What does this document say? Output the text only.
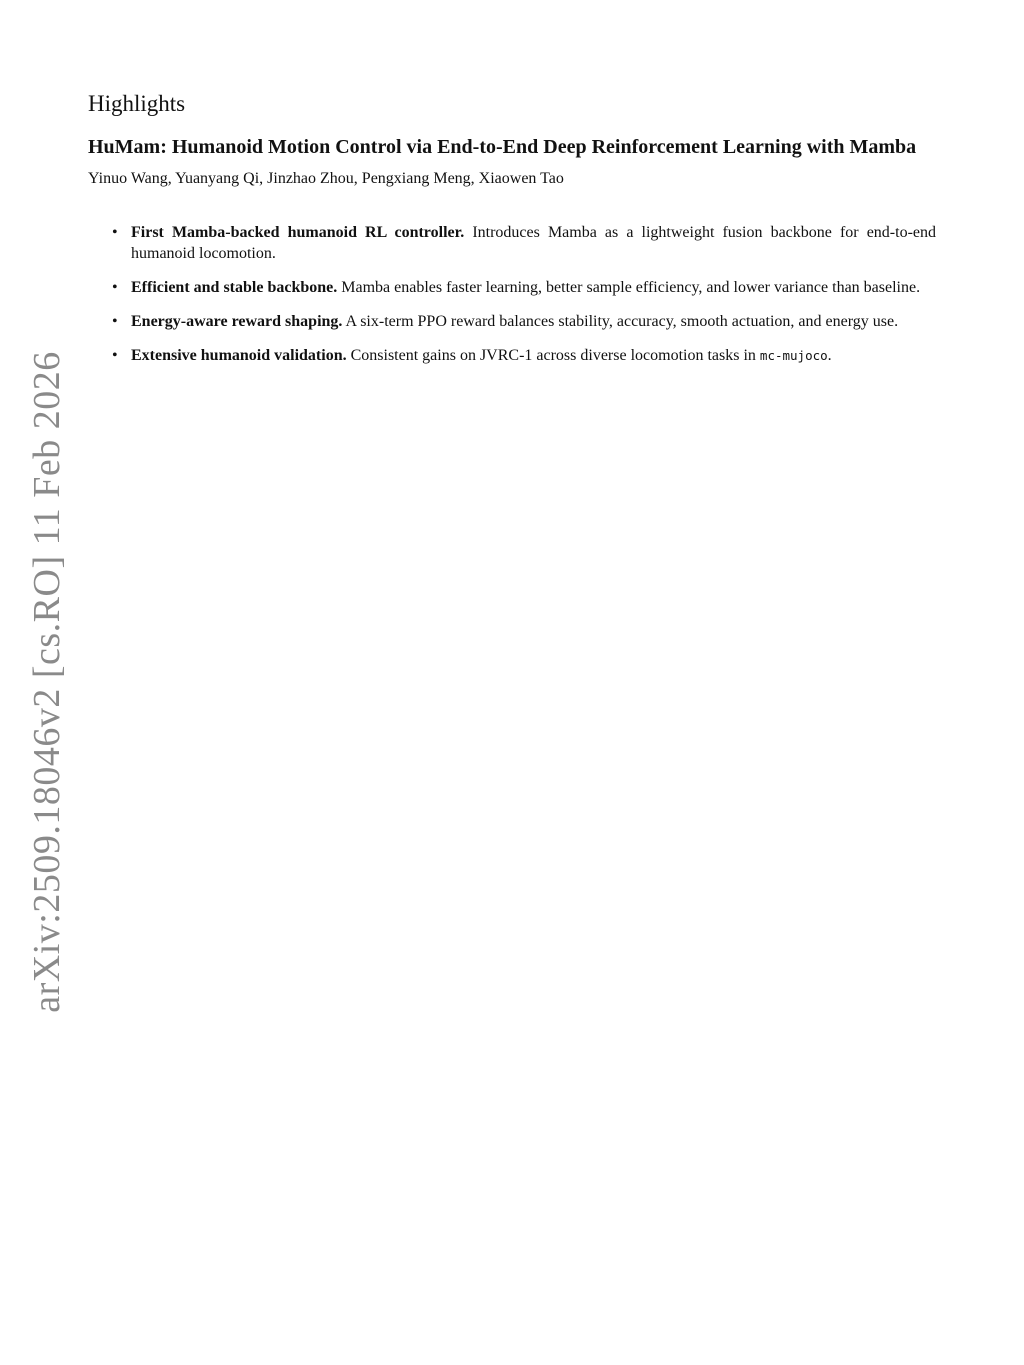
arXiv:2509.18046v2 [cs.RO] 11 Feb 2026
Highlights
HuMam: Humanoid Motion Control via End-to-End Deep Reinforcement Learning with Mamba

Yinuo Wang, Yuanyang Qi, Jinzhao Zhou, Pengxiang Meng, Xiaowen Tao

• First Mamba-backed humanoid RL controller. Introduces Mamba as a lightweight fusion backbone for end-to-end humanoid locomotion.
• Efficient and stable backbone. Mamba enables faster learning, better sample efficiency, and lower variance than baseline.
• Energy-aware reward shaping. A six-term PPO reward balances stability, accuracy, smooth actuation, and energy use.
• Extensive humanoid validation. Consistent gains on JVRC-1 across diverse locomotion tasks in mc-mujoco.
